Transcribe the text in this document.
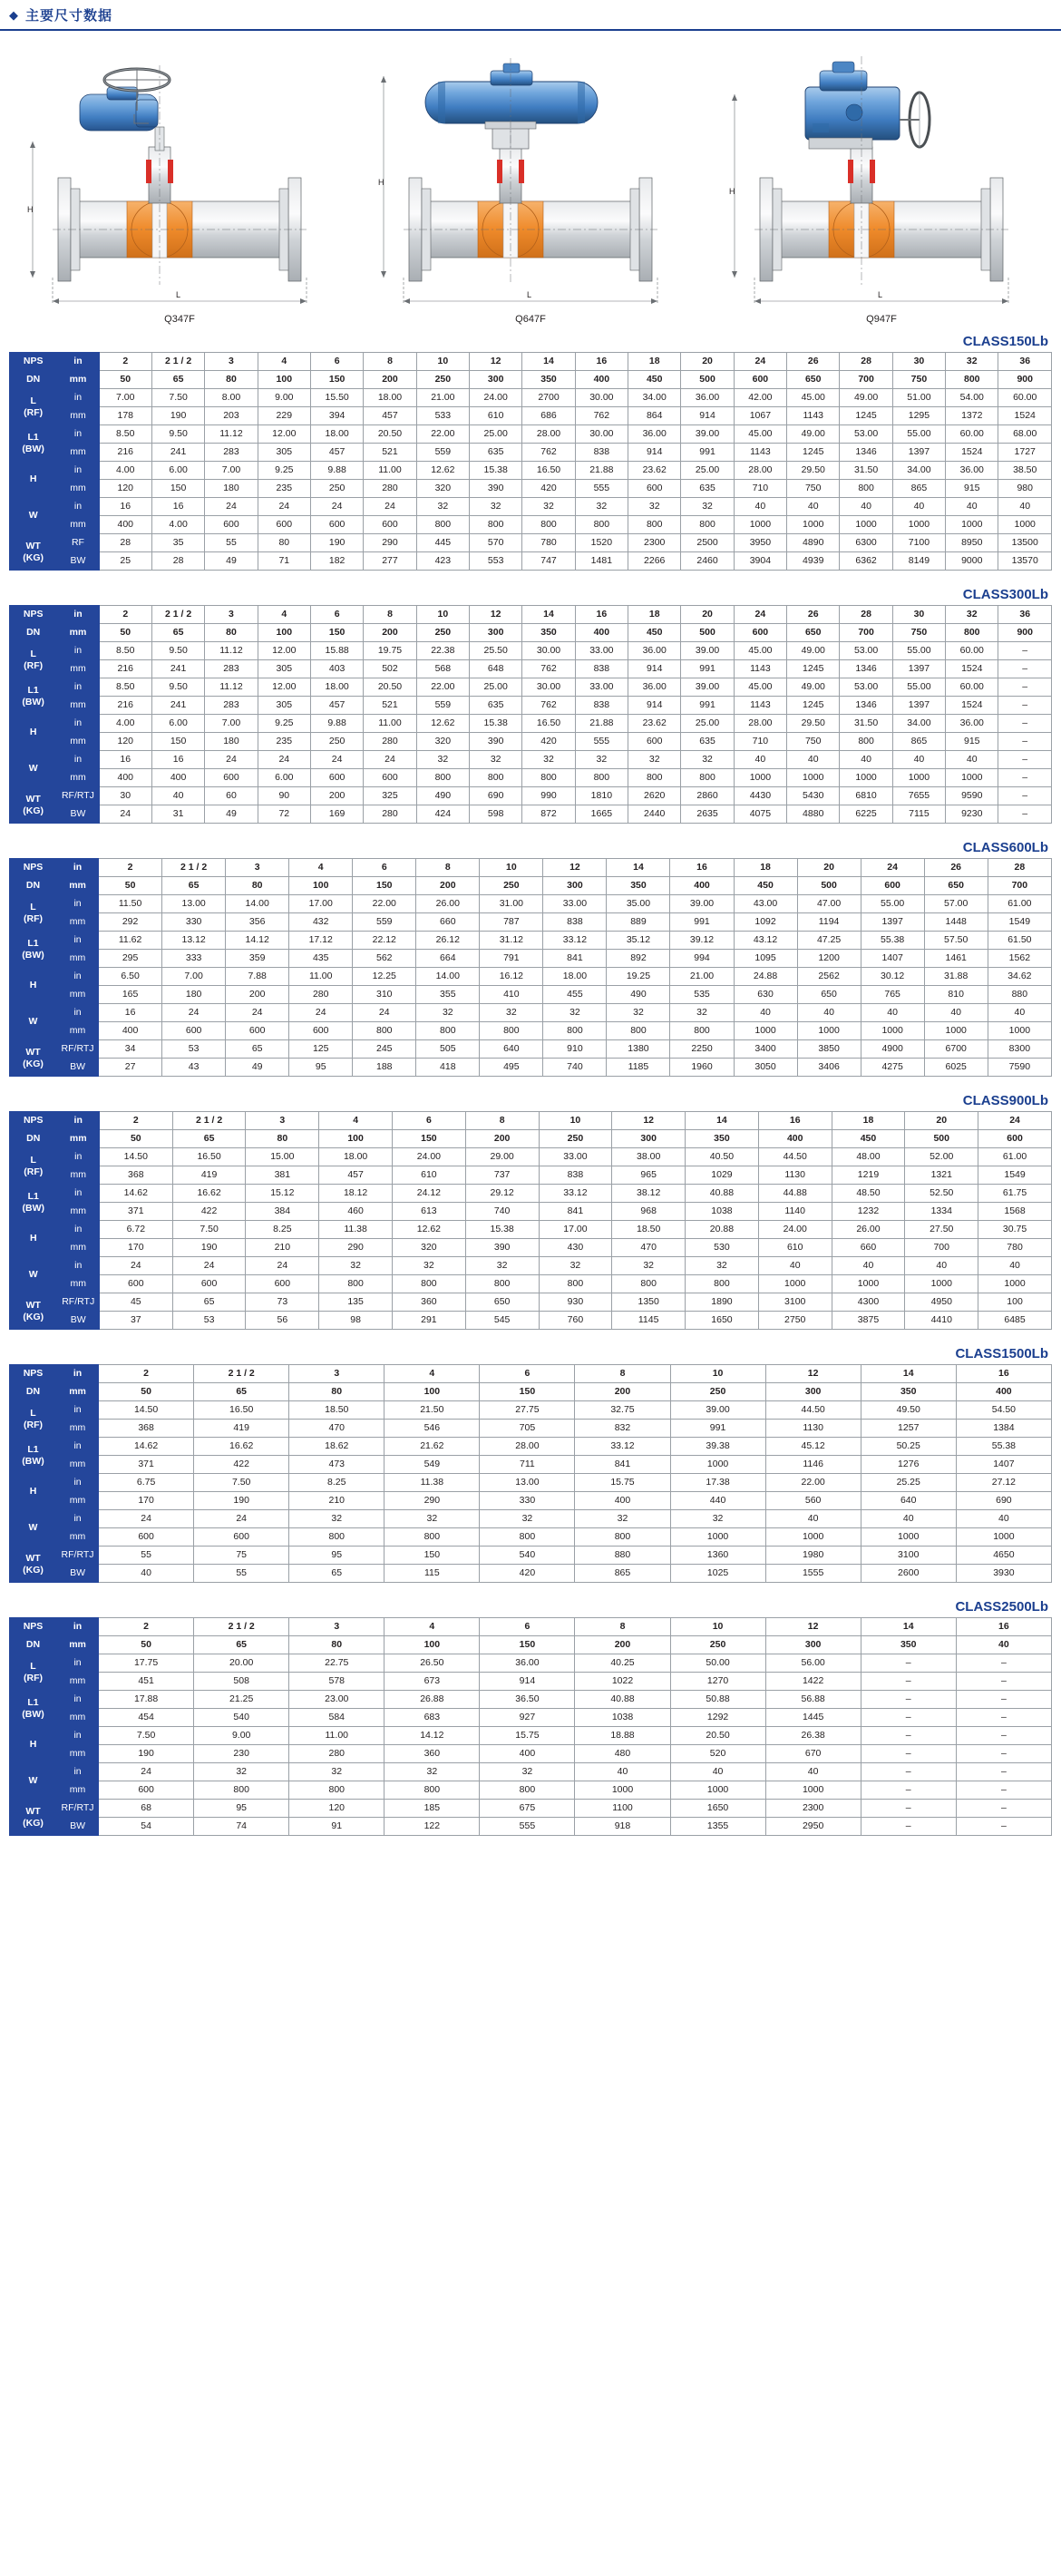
◆ 主要尺寸数据
H
L
Q347F
H
L
Q647F
H
L
Q947F
CLASS150Lb
NPS	in	2	2 1 / 2	3	4	6	8	10	12	14	16	18	20	24	26	28	30	32	36
DN	mm	50	65	80	100	150	200	250	300	350	400	450	500	600	650	700	750	800	900
L
(RF)	in	7.00	7.50	8.00	9.00	15.50	18.00	21.00	24.00	2700	30.00	34.00	36.00	42.00	45.00	49.00	51.00	54.00	60.00
	mm	178	190	203	229	394	457	533	610	686	762	864	914	1067	1143	1245	1295	1372	1524
L1
(BW)	in	8.50	9.50	11.12	12.00	18.00	20.50	22.00	25.00	28.00	30.00	36.00	39.00	45.00	49.00	53.00	55.00	60.00	68.00
	mm	216	241	283	305	457	521	559	635	762	838	914	991	1143	1245	1346	1397	1524	1727
H	in	4.00	6.00	7.00	9.25	9.88	11.00	12.62	15.38	16.50	21.88	23.62	25.00	28.00	29.50	31.50	34.00	36.00	38.50
	mm	120	150	180	235	250	280	320	390	420	555	600	635	710	750	800	865	915	980
W	in	16	16	24	24	24	24	32	32	32	32	32	32	40	40	40	40	40	40
	mm	400	4.00	600	600	600	600	800	800	800	800	800	800	1000	1000	1000	1000	1000	1000
WT
(KG)	RF	28	35	55	80	190	290	445	570	780	1520	2300	2500	3950	4890	6300	7100	8950	13500
	BW	25	28	49	71	182	277	423	553	747	1481	2266	2460	3904	4939	6362	8149	9000	13570
CLASS300Lb
NPS	in	2	2 1 / 2	3	4	6	8	10	12	14	16	18	20	24	26	28	30	32	36
DN	mm	50	65	80	100	150	200	250	300	350	400	450	500	600	650	700	750	800	900
L
(RF)	in	8.50	9.50	11.12	12.00	15.88	19.75	22.38	25.50	30.00	33.00	36.00	39.00	45.00	49.00	53.00	55.00	60.00	–
	mm	216	241	283	305	403	502	568	648	762	838	914	991	1143	1245	1346	1397	1524	–
L1
(BW)	in	8.50	9.50	11.12	12.00	18.00	20.50	22.00	25.00	30.00	33.00	36.00	39.00	45.00	49.00	53.00	55.00	60.00	–
	mm	216	241	283	305	457	521	559	635	762	838	914	991	1143	1245	1346	1397	1524	–
H	in	4.00	6.00	7.00	9.25	9.88	11.00	12.62	15.38	16.50	21.88	23.62	25.00	28.00	29.50	31.50	34.00	36.00	–
	mm	120	150	180	235	250	280	320	390	420	555	600	635	710	750	800	865	915	–
W	in	16	16	24	24	24	24	32	32	32	32	32	32	40	40	40	40	40	–
	mm	400	400	600	6.00	600	600	800	800	800	800	800	800	1000	1000	1000	1000	1000	–
WT
(KG)	RF/RTJ	30	40	60	90	200	325	490	690	990	1810	2620	2860	4430	5430	6810	7655	9590	–
	BW	24	31	49	72	169	280	424	598	872	1665	2440	2635	4075	4880	6225	7115	9230	–
CLASS600Lb
NPS	in	2	2 1 / 2	3	4	6	8	10	12	14	16	18	20	24	26	28
DN	mm	50	65	80	100	150	200	250	300	350	400	450	500	600	650	700
L
(RF)	in	11.50	13.00	14.00	17.00	22.00	26.00	31.00	33.00	35.00	39.00	43.00	47.00	55.00	57.00	61.00
	mm	292	330	356	432	559	660	787	838	889	991	1092	1194	1397	1448	1549
L1
(BW)	in	11.62	13.12	14.12	17.12	22.12	26.12	31.12	33.12	35.12	39.12	43.12	47.25	55.38	57.50	61.50
	mm	295	333	359	435	562	664	791	841	892	994	1095	1200	1407	1461	1562
H	in	6.50	7.00	7.88	11.00	12.25	14.00	16.12	18.00	19.25	21.00	24.88	2562	30.12	31.88	34.62
	mm	165	180	200	280	310	355	410	455	490	535	630	650	765	810	880
W	in	16	24	24	24	24	32	32	32	32	32	40	40	40	40	40
	mm	400	600	600	600	800	800	800	800	800	800	1000	1000	1000	1000	1000
WT
(KG)	RF/RTJ	34	53	65	125	245	505	640	910	1380	2250	3400	3850	4900	6700	8300
	BW	27	43	49	95	188	418	495	740	1185	1960	3050	3406	4275	6025	7590
CLASS900Lb
NPS	in	2	2 1 / 2	3	4	6	8	10	12	14	16	18	20	24
DN	mm	50	65	80	100	150	200	250	300	350	400	450	500	600
L
(RF)	in	14.50	16.50	15.00	18.00	24.00	29.00	33.00	38.00	40.50	44.50	48.00	52.00	61.00
	mm	368	419	381	457	610	737	838	965	1029	1130	1219	1321	1549
L1
(BW)	in	14.62	16.62	15.12	18.12	24.12	29.12	33.12	38.12	40.88	44.88	48.50	52.50	61.75
	mm	371	422	384	460	613	740	841	968	1038	1140	1232	1334	1568
H	in	6.72	7.50	8.25	11.38	12.62	15.38	17.00	18.50	20.88	24.00	26.00	27.50	30.75
	mm	170	190	210	290	320	390	430	470	530	610	660	700	780
W	in	24	24	24	32	32	32	32	32	32	40	40	40	40
	mm	600	600	600	800	800	800	800	800	800	1000	1000	1000	1000
WT
(KG)	RF/RTJ	45	65	73	135	360	650	930	1350	1890	3100	4300	4950	100
	BW	37	53	56	98	291	545	760	1145	1650	2750	3875	4410	6485
CLASS1500Lb
NPS	in	2	2 1 / 2	3	4	6	8	10	12	14	16
DN	mm	50	65	80	100	150	200	250	300	350	400
L
(RF)	in	14.50	16.50	18.50	21.50	27.75	32.75	39.00	44.50	49.50	54.50
	mm	368	419	470	546	705	832	991	1130	1257	1384
L1
(BW)	in	14.62	16.62	18.62	21.62	28.00	33.12	39.38	45.12	50.25	55.38
	mm	371	422	473	549	711	841	1000	1146	1276	1407
H	in	6.75	7.50	8.25	11.38	13.00	15.75	17.38	22.00	25.25	27.12
	mm	170	190	210	290	330	400	440	560	640	690
W	in	24	24	32	32	32	32	32	40	40	40
	mm	600	600	800	800	800	800	1000	1000	1000	1000
WT
(KG)	RF/RTJ	55	75	95	150	540	880	1360	1980	3100	4650
	BW	40	55	65	115	420	865	1025	1555	2600	3930
CLASS2500Lb
NPS	in	2	2 1 / 2	3	4	6	8	10	12	14	16
DN	mm	50	65	80	100	150	200	250	300	350	40
L
(RF)	in	17.75	20.00	22.75	26.50	36.00	40.25	50.00	56.00	–	–
	mm	451	508	578	673	914	1022	1270	1422	–	–
L1
(BW)	in	17.88	21.25	23.00	26.88	36.50	40.88	50.88	56.88	–	–
	mm	454	540	584	683	927	1038	1292	1445	–	–
H	in	7.50	9.00	11.00	14.12	15.75	18.88	20.50	26.38	–	–
	mm	190	230	280	360	400	480	520	670	–	–
W	in	24	32	32	32	32	40	40	40	–	–
	mm	600	800	800	800	800	1000	1000	1000	–	–
WT
(KG)	RF/RTJ	68	95	120	185	675	1100	1650	2300	–	–
	BW	54	74	91	122	555	918	1355	2950	–	–
